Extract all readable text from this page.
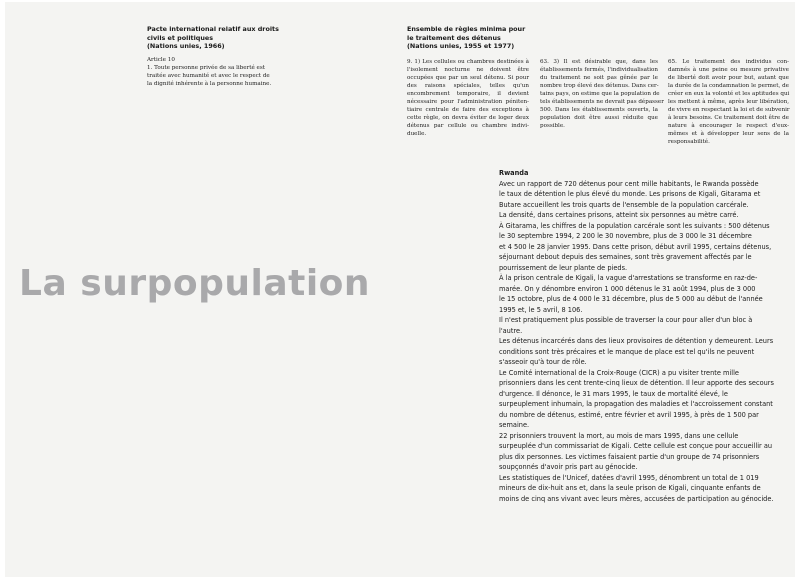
Pacte international relatif aux droits
civils et politiques
(Nations unies, 1966)
Article 10
1. Toute personne privée de sa liberté est
traitée avec humanité et avec le respect de
la dignité inhérente à la personne humaine.
Ensemble de règles minima pour
le traitement des détenus
(Nations unies, 1955 et 1977)
9. 1) Les cellules ou chambres destinées à
l'isolement nocturne ne doivent être
occupées que par un seul détenu. Si pour
des raisons spéciales, telles qu'un
encombrement temporaire, il devient
nécessaire pour l'administration péniten-
tiaire centrale de faire des exceptions à
cette règle, on devra éviter de loger deux
détenus par cellule ou chambre indivi-
duelle.
63. 3) Il est désirable que, dans les
établissements fermés, l'individualisation
du traitement ne soit pas gênée par le
nombre trop élevé des détenus. Dans cer-
tains pays, on estime que la population de
tels établissements ne devrait pas dépasser
500. Dans les établissements ouverts, la
population doit être aussi réduite que
possible.
65. Le traitement des individus con-
damnés à une peine ou mesure privative
de liberté doit avoir pour but, autant que
la durée de la condamnation le permet, de
créer en eux la volonté et les aptitudes qui
les mettent à même, après leur libération,
de vivre en respectant la loi et de subvenir
à leurs besoins. Ce traitement doit être de
nature à encourager le respect d'eux-
mêmes et à développer leur sens de la
responsabilité.
La surpopulation
Rwanda
Avec un rapport de 720 détenus pour cent mille habitants, le Rwanda possède
le taux de détention le plus élevé du monde. Les prisons de Kigali, Gitarama et
Butare accueillent les trois quarts de l'ensemble de la population carcérale.
La densité, dans certaines prisons, atteint six personnes au mètre carré.
À Gitarama, les chiffres de la population carcérale sont les suivants : 500 détenus
le 30 septembre 1994, 2 200 le 30 novembre, plus de 3 000 le 31 décembre
et 4 500 le 28 janvier 1995. Dans cette prison, début avril 1995, certains détenus,
séjournant debout depuis des semaines, sont très gravement affectés par le
pourrissement de leur plante de pieds.
À la prison centrale de Kigali, la vague d'arrestations se transforme en raz-de-
marée. On y dénombre environ 1 000 détenus le 31 août 1994, plus de 3 000
le 15 octobre, plus de 4 000 le 31 décembre, plus de 5 000 au début de l'année
1995 et, le 5 avril, 8 106.
Il n'est pratiquement plus possible de traverser la cour pour aller d'un bloc à
l'autre.
Les détenus incarcérés dans des lieux provisoires de détention y demeurent. Leurs
conditions sont très précaires et le manque de place est tel qu'ils ne peuvent
s'asseoir qu'à tour de rôle.
Le Comité international de la Croix-Rouge (CICR) a pu visiter trente mille
prisonniers dans les cent trente-cinq lieux de détention. Il leur apporte des secours
d'urgence. Il dénonce, le 31 mars 1995, le taux de mortalité élevé, le
surpeuplement inhumain, la propagation des maladies et l'accroissement constant
du nombre de détenus, estimé, entre février et avril 1995, à près de 1 500 par
semaine.
22 prisonniers trouvent la mort, au mois de mars 1995, dans une cellule
surpeuplée d'un commissariat de Kigali. Cette cellule est conçue pour accueillir au
plus dix personnes. Les victimes faisaient partie d'un groupe de 74 prisonniers
soupçonnés d'avoir pris part au génocide.
Les statistiques de l'Unicef, datées d'avril 1995, dénombrent un total de 1 019
mineurs de dix-huit ans et, dans la seule prison de Kigali, cinquante enfants de
moins de cinq ans vivant avec leurs mères, accusées de participation au génocide.
